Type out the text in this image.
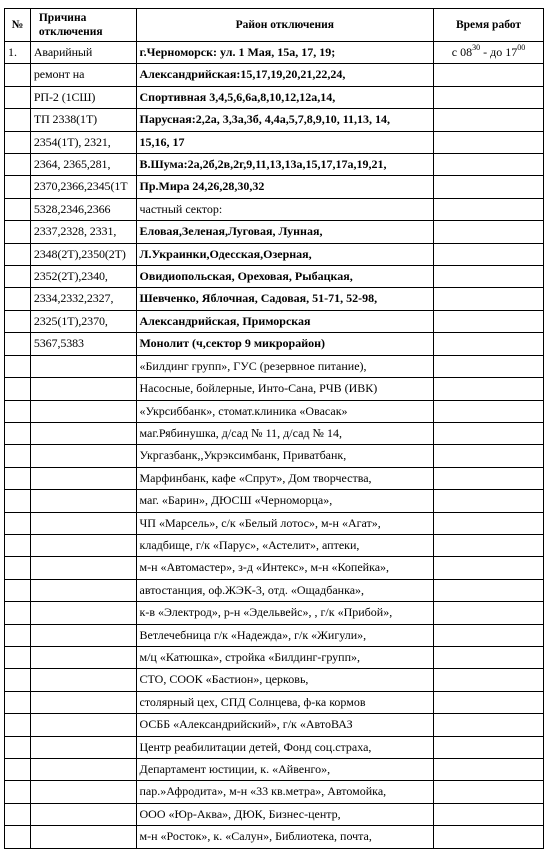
№	Причина отключения	Район отключения	Время работ
1.	Аварийный	г.Черноморск: ул. 1 Мая, 15а, 17, 19;	с $08^{30}$ - до $17^{00}$
	ремонт на	Александрийская:15,17,19,20,21,22,24,	
	РП-2 (1СШ)	Спортивная 3,4,5,6,6а,8,10,12,12а,14,	
	ТП 2338(1Т)	Парусная:2,2а, 3,3а,3б, 4,4а,5,7,8,9,10, 11,13, 14,	
	2354(1Т), 2321,	15,16, 17	
	2364, 2365,281,	В.Шума:2а,2б,2в,2г,9,11,13,13а,15,17,17а,19,21,	
	2370,2366,2345(1Т	Пр.Мира 24,26,28,30,32	
	5328,2346,2366	частный сектор:	
	2337,2328, 2331,	Еловая,Зеленая,Луговая, Лунная,	
	2348(2Т),2350(2Т)	Л.Украинки,Одесская,Озерная,	
	2352(2Т),2340,	Овидиопольская, Ореховая, Рыбацкая,	
	2334,2332,2327,	Шевченко, Яблочная, Садовая, 51-71, 52-98,	
	2325(1Т),2370,	Александрийская, Приморская	
	5367,5383	Монолит (ч,сектор 9 микрорайон)	
		«Билдинг групп», ГУС (резервное питание),	
		Насосные, бойлерные, Инто-Сана, РЧВ (ИВК)	
		«Укрсиббанк», стомат.клиника «Овасак»	
		маг.Рябинушка, д/сад № 11, д/сад № 14,	
		Укргазбанк,,Укрэксимбанк, Приватбанк,	
		Марфинбанк, кафе «Спрут», Дом творчества,	
		маг. «Барин», ДЮСШ «Черноморца»,	
		ЧП «Марсель», с/к «Белый лотос», м-н «Агат»,	
		кладбище, г/к «Парус», «Астелит», аптеки,	
		м-н «Автомастер», з-д «Интекс», м-н «Копейка»,	
		автостанция, оф.ЖЭК-3, отд. «Ощадбанка»,	
		к-в «Электрод», р-н «Эдельвейс», , г/к «Прибой»,	
		Ветлечебница г/к «Надежда», г/к «Жигули»,	
		м/ц «Катюшка», стройка «Билдинг-групп»,	
		СТО, СООК «Бастион», церковь,	
		столярный цех, СПД Солнцева, ф-ка кормов	
		ОСББ «Александрийский», г/к «АвтоВАЗ	
		Центр реабилитации детей, Фонд соц.страха,	
		Департамент юстиции, к. «Айвенго»,	
		пар.»Афродита», м-н «33 кв.метра», Автомойка,	
		ООО «Юр-Аква», ДЮК, Бизнес-центр,	
		м-н «Росток», к. «Салун», Библиотека, почта,	
